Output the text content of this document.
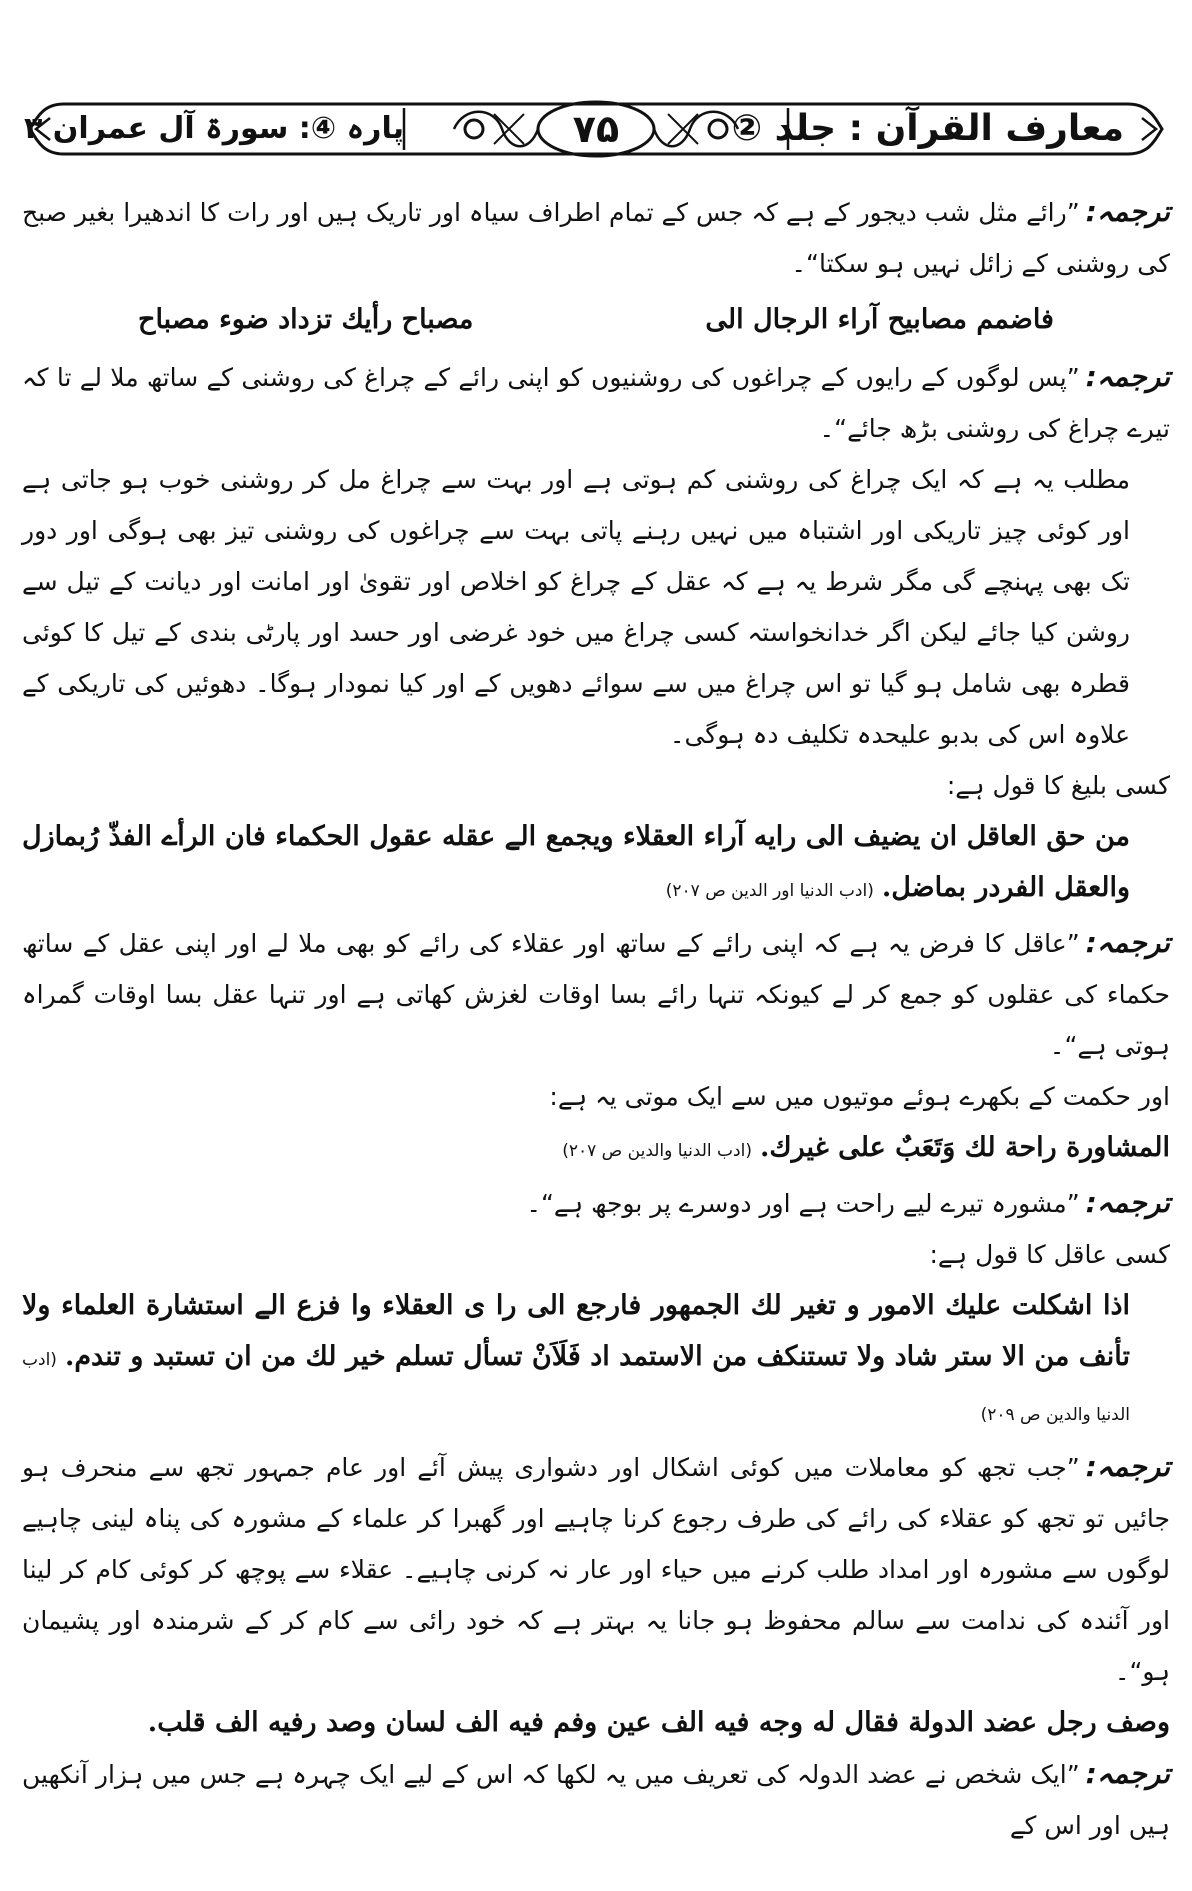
معارف القرآن : جلد ②
۷۵
پارہ ④: سورۃ آل عمران ۳

ترجمہ:”رائے مثل شب دیجور کے ہے کہ جس کے تمام اطراف سیاہ اور تاریک ہیں اور رات کا اندھیرا بغیر صبح کی روشنی کے زائل نہیں ہو سکتا“۔

فاضمم مصابیح آراء الرجال الی
مصباح رأیك تزداد ضوء مصباح

ترجمہ:”پس لوگوں کے رایوں کے چراغوں کی روشنیوں کو اپنی رائے کے چراغ کی روشنی کے ساتھ ملا لے تا کہ تیرے چراغ کی روشنی بڑھ جائے“۔

مطلب یہ ہے کہ ایک چراغ کی روشنی کم ہوتی ہے اور بہت سے چراغ مل کر روشنی خوب ہو جاتی ہے اور کوئی چیز تاریکی اور اشتباہ میں نہیں رہنے پاتی بہت سے چراغوں کی روشنی تیز بھی ہوگی اور دور تک بھی پہنچے گی مگر شرط یہ ہے کہ عقل کے چراغ کو اخلاص اور تقویٰ اور امانت اور دیانت کے تیل سے روشن کیا جائے لیکن اگر خدانخواستہ کسی چراغ میں خود غرضی اور حسد اور پارٹی بندی کے تیل کا کوئی قطرہ بھی شامل ہو گیا تو اس چراغ میں سے سوائے دھویں کے اور کیا نمودار ہوگا۔ دھوئیں کی تاریکی کے علاوہ اس کی بدبو علیحدہ تکلیف دہ ہوگی۔

کسی بلیغ کا قول ہے:

من حق العاقل ان یضیف الی رایه آراء العقلاء ویجمع الے عقله عقول الحکماء فان الرأے الفذّ رُبمازل والعقل الفردر بماضل.(ادب الدنیا اور الدین ص ۲۰۷)

ترجمہ:”عاقل کا فرض یہ ہے کہ اپنی رائے کے ساتھ اور عقلاء کی رائے کو بھی ملا لے اور اپنی عقل کے ساتھ حکماء کی عقلوں کو جمع کر لے کیونکہ تنہا رائے بسا اوقات لغزش کھاتی ہے اور تنہا عقل بسا اوقات گمراہ ہوتی ہے“۔

اور حکمت کے بکھرے ہوئے موتیوں میں سے ایک موتی یہ ہے:

المشاورة راحة لك وَتَعَبٌ علی غیرك.(ادب الدنیا والدین ص ۲۰۷)

ترجمہ:”مشورہ تیرے لیے راحت ہے اور دوسرے پر بوجھ ہے“۔

کسی عاقل کا قول ہے:

اذا اشکلت علیك الامور و تغیر لك الجمهور فارجع الی را ی العقلاء وا فزع الے استشارة العلماء ولا تأنف من الا ستر شاد ولا تستنکف من الاستمد اد فَلَاَنْ تسأل تسلم خیر لك من ان تستبد و تندم.(ادب الدنیا والدین ص ۲۰۹)

ترجمہ:”جب تجھ کو معاملات میں کوئی اشکال اور دشواری پیش آئے اور عام جمہور تجھ سے منحرف ہو جائیں تو تجھ کو عقلاء کی رائے کی طرف رجوع کرنا چاہیے اور گھبرا کر علماء کے مشورہ کی پناہ لینی چاہیے لوگوں سے مشورہ اور امداد طلب کرنے میں حیاء اور عار نہ کرنی چاہیے۔ عقلاء سے پوچھ کر کوئی کام کر لینا اور آئندہ کی ندامت سے سالم محفوظ ہو جانا یہ بہتر ہے کہ خود رائی سے کام کر کے شرمندہ اور پشیمان ہو“۔

وصف رجل عضد الدولة فقال له وجه فیه الف عین وفم فیه الف لسان وصد رفیه الف قلب.

ترجمہ:”ایک شخص نے عضد الدولہ کی تعریف میں یہ لکھا کہ اس کے لیے ایک چہرہ ہے جس میں ہزار آنکھیں ہیں اور اس کے
